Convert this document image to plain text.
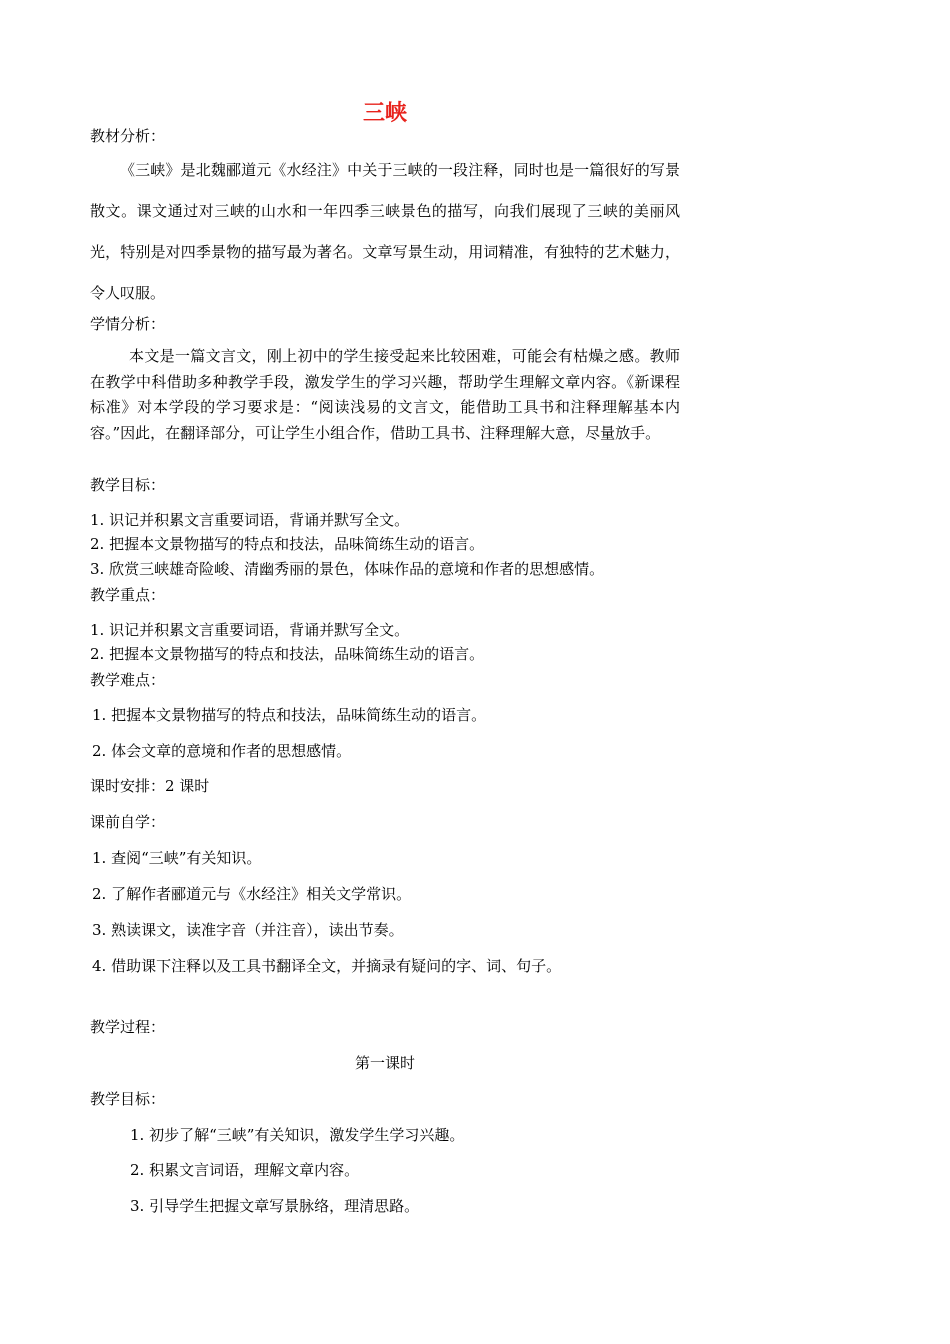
三峡
教材分析：

《三峡》是北魏郦道元《水经注》中关于三峡的一段注释，同时也是一篇很好的写景散文。课文通过对三峡的山水和一年四季三峡景色的描写，向我们展现了三峡的美丽风光，特别是对四季景物的描写最为著名。文章写景生动，用词精准，有独特的艺术魅力，令人叹服。

学情分析：

本文是一篇文言文，刚上初中的学生接受起来比较困难，可能会有枯燥之感。教师在教学中科借助多种教学手段，激发学生的学习兴趣，帮助学生理解文章内容。《新课程标准》对本学段的学习要求是：“阅读浅易的文言文，能借助工具书和注释理解基本内容。”因此，在翻译部分，可让学生小组合作，借助工具书、注释理解大意，尽量放手。

教学目标：
1. 识记并积累文言重要词语，背诵并默写全文。
2. 把握本文景物描写的特点和技法，品味简练生动的语言。
3. 欣赏三峡雄奇险峻、清幽秀丽的景色，体味作品的意境和作者的思想感情。
教学重点：
1. 识记并积累文言重要词语，背诵并默写全文。
2. 把握本文景物描写的特点和技法，品味简练生动的语言。
教学难点：
1. 把握本文景物描写的特点和技法，品味简练生动的语言。
2. 体会文章的意境和作者的思想感情。
课时安排：2 课时
课前自学：
1. 查阅“三峡”有关知识。
2. 了解作者郦道元与《水经注》相关文学常识。
3. 熟读课文，读准字音（并注音），读出节奏。
4. 借助课下注释以及工具书翻译全文，并摘录有疑问的字、词、句子。
教学过程：
第一课时
教学目标：
1. 初步了解“三峡”有关知识，激发学生学习兴趣。
2. 积累文言词语，理解文章内容。
3. 引导学生把握文章写景脉络，理清思路。
